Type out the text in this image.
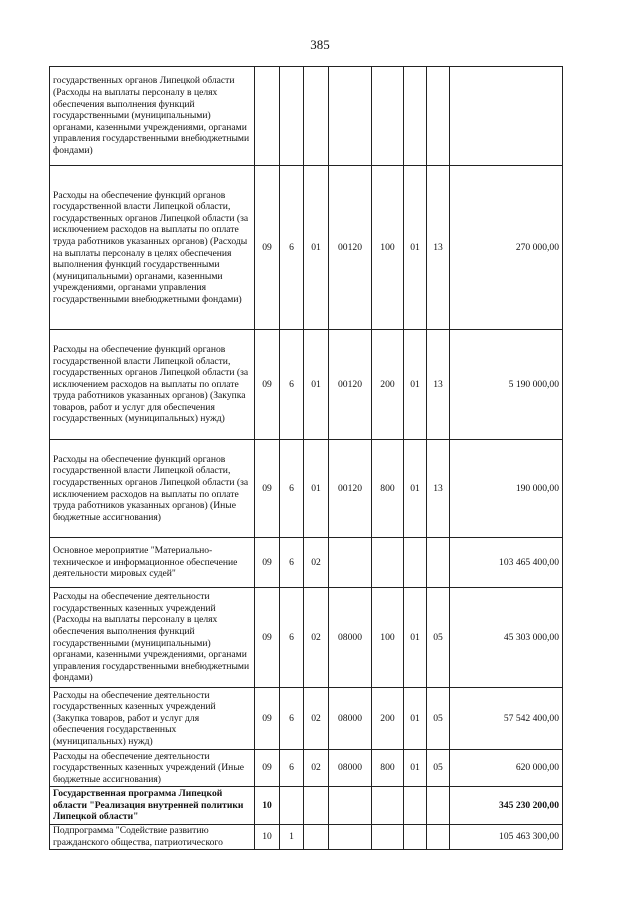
385
государственных органов Липецкой области (Расходы на выплаты персоналу в целях обеспечения выполнения функций государственными (муниципальными) органами, казенными учреждениями, органами управления государственными внебюджетными фондами)								
Расходы на обеспечение функций органов государственной власти Липецкой области, государственных органов Липецкой области (за исключением расходов на выплаты по оплате труда работников указанных органов) (Расходы на выплаты персоналу в целях обеспечения выполнения функций государственными (муниципальными) органами, казенными учреждениями, органами управления государственными внебюджетными фондами)	09	6	01	00120	100	01	13	270 000,00
Расходы на обеспечение функций органов государственной власти Липецкой области, государственных органов Липецкой области (за исключением расходов на выплаты по оплате труда работников указанных органов) (Закупка товаров, работ и услуг для обеспечения государственных (муниципальных) нужд)	09	6	01	00120	200	01	13	5 190 000,00
Расходы на обеспечение функций органов государственной власти Липецкой области, государственных органов Липецкой области (за исключением расходов на выплаты по оплате труда работников указанных органов) (Иные бюджетные ассигнования)	09	6	01	00120	800	01	13	190 000,00
Основное мероприятие "Материально-техническое и информационное обеспечение деятельности мировых судей"	09	6	02					103 465 400,00
Расходы на обеспечение деятельности государственных казенных учреждений (Расходы на выплаты персоналу в целях обеспечения выполнения функций государственными (муниципальными) органами, казенными учреждениями, органами управления государственными внебюджетными фондами)	09	6	02	08000	100	01	05	45 303 000,00
Расходы на обеспечение деятельности государственных казенных учреждений (Закупка товаров, работ и услуг для обеспечения государственных (муниципальных) нужд)	09	6	02	08000	200	01	05	57 542 400,00
Расходы на обеспечение деятельности государственных казенных учреждений (Иные бюджетные ассигнования)	09	6	02	08000	800	01	05	620 000,00
Государственная программа Липецкой области "Реализация внутренней политики Липецкой области"	10							345 230 200,00
Подпрограмма "Содействие развитию гражданского общества, патриотического	10	1						105 463 300,00
